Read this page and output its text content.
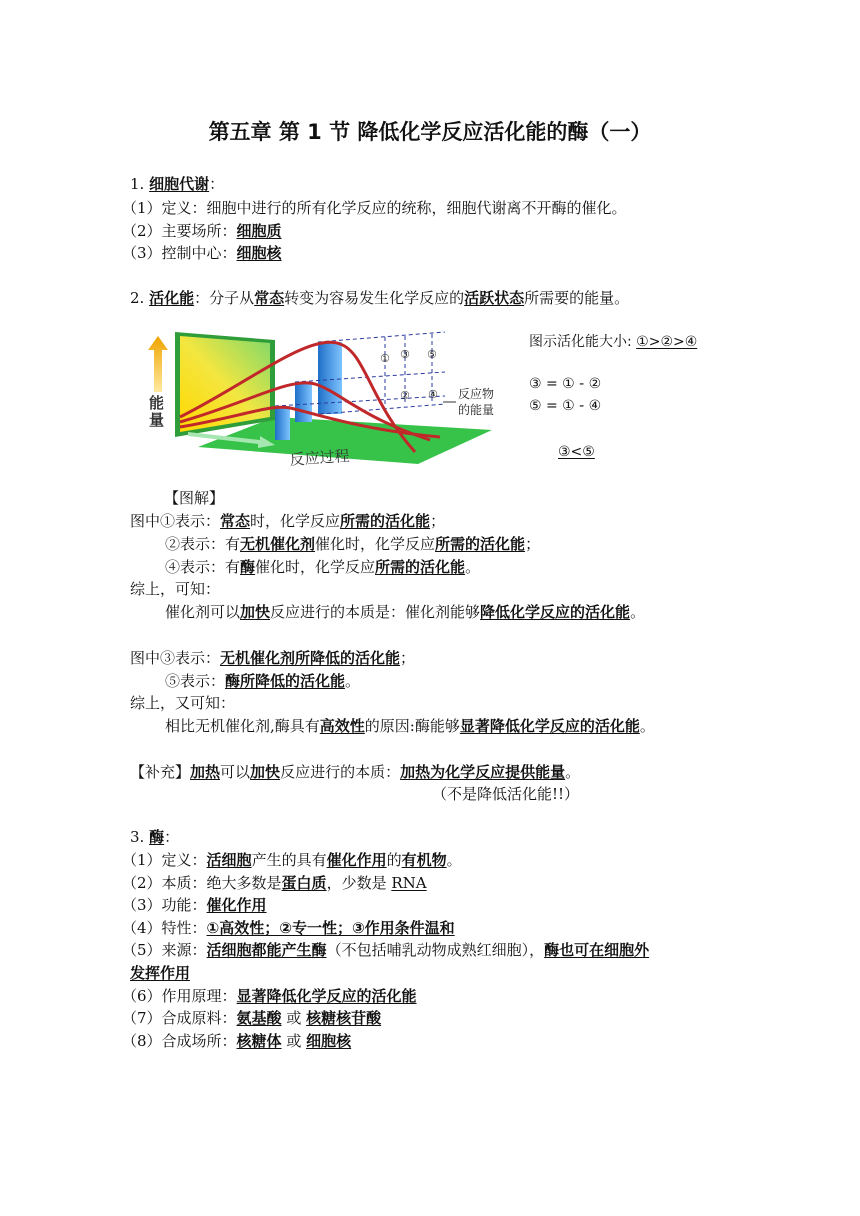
第五章 第 1 节 降低化学反应活化能的酶（一）
1. 细胞代谢：
（1）定义：细胞中进行的所有化学反应的统称，细胞代谢离不开酶的催化。
（2）主要场所：细胞质
（3）控制中心：细胞核
2. 活化能：分子从常态转变为容易发生化学反应的活跃状态所需要的能量。
①
②
③
④
⑤
反应物
的能量
能
量
反应过程
图示活化能大小: ①>②>④
③ = ① - ②
⑤ = ① - ④
③<⑤
【图解】
图中①表示：常态时，化学反应所需的活化能；
②表示：有无机催化剂催化时，化学反应所需的活化能；
④表示：有酶催化时，化学反应所需的活化能。
综上，可知：
催化剂可以加快反应进行的本质是：催化剂能够降低化学反应的活化能。
图中③表示：无机催化剂所降低的活化能；
⑤表示：酶所降低的活化能。
综上，又可知：
相比无机催化剂,酶具有高效性的原因:酶能够显著降低化学反应的活化能。
【补充】加热可以加快反应进行的本质：加热为化学反应提供能量。
（不是降低活化能!!）
3. 酶：
（1）定义：活细胞产生的具有催化作用的有机物。
（2）本质：绝大多数是蛋白质，少数是 RNA
（3）功能：催化作用
（4）特性：①高效性；②专一性；③作用条件温和
（5）来源：活细胞都能产生酶（不包括哺乳动物成熟红细胞），酶也可在细胞外
发挥作用
（6）作用原理：显著降低化学反应的活化能
（7）合成原料：氨基酸 或 核糖核苷酸
（8）合成场所：核糖体 或 细胞核
